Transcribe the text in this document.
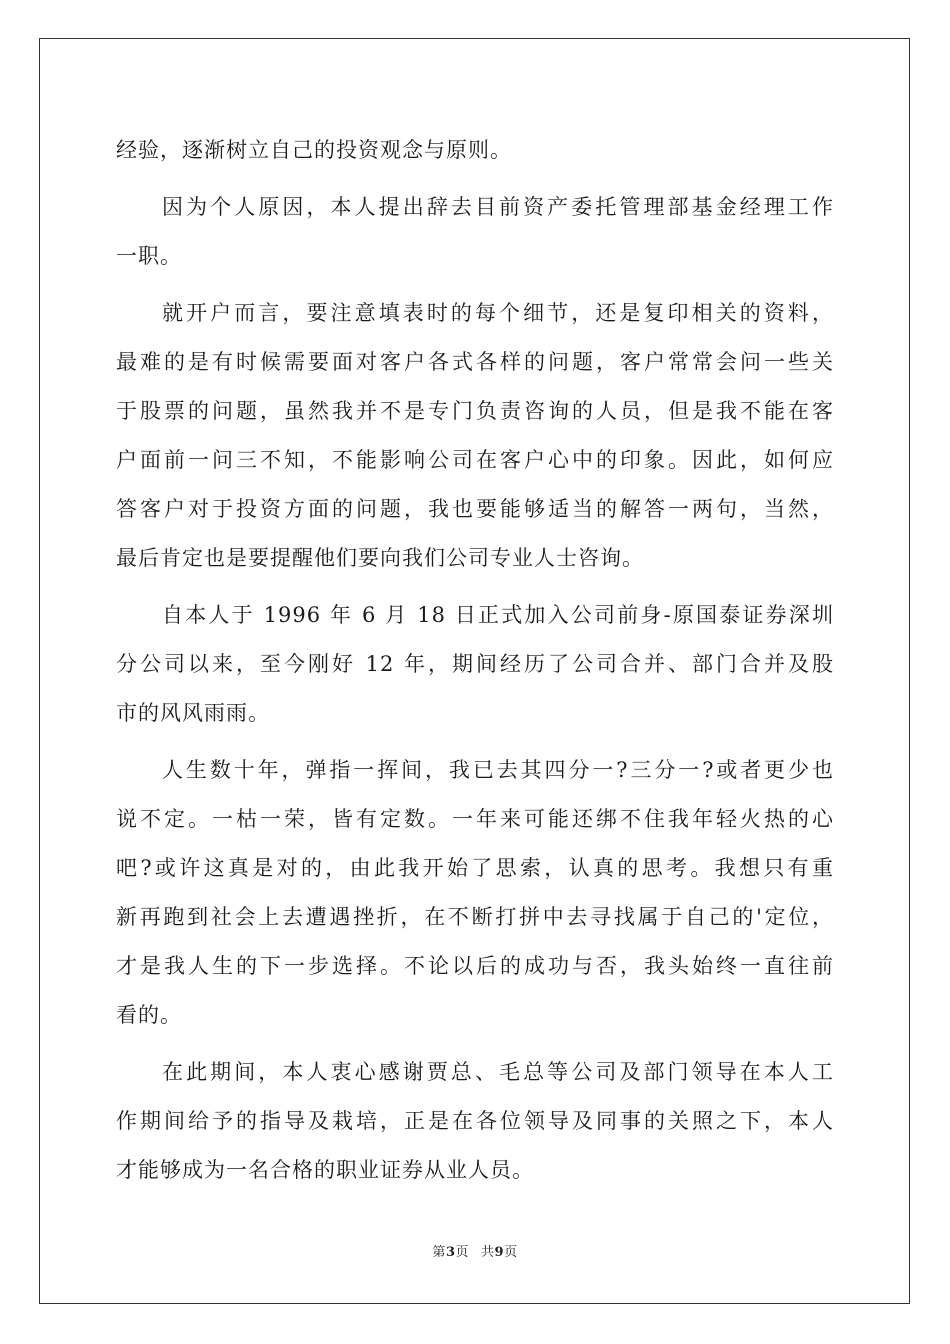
经验，逐渐树立自己的投资观念与原则。
因为个人原因，本人提出辞去目前资产委托管理部基金经理工作
一职。
就开户而言，要注意填表时的每个细节，还是复印相关的资料，
最难的是有时候需要面对客户各式各样的问题，客户常常会问一些关
于股票的问题，虽然我并不是专门负责咨询的人员，但是我不能在客
户面前一问三不知，不能影响公司在客户心中的印象。因此，如何应
答客户对于投资方面的问题，我也要能够适当的解答一两句，当然，
最后肯定也是要提醒他们要向我们公司专业人士咨询。
自本人于 1996 年 6 月 18 日正式加入公司前身-原国泰证券深圳
分公司以来，至今刚好 12 年，期间经历了公司合并、部门合并及股
市的风风雨雨。
人生数十年，弹指一挥间，我已去其四分一?三分一?或者更少也
说不定。一枯一荣，皆有定数。一年来可能还绑不住我年轻火热的心
吧?或许这真是对的，由此我开始了思索，认真的思考。我想只有重
新再跑到社会上去遭遇挫折，在不断打拼中去寻找属于自己的'定位，
才是我人生的下一步选择。不论以后的成功与否，我头始终一直往前
看的。
在此期间，本人衷心感谢贾总、毛总等公司及部门领导在本人工
作期间给予的指导及栽培，正是在各位领导及同事的关照之下，本人
才能够成为一名合格的职业证券从业人员。
第3页 共9页
